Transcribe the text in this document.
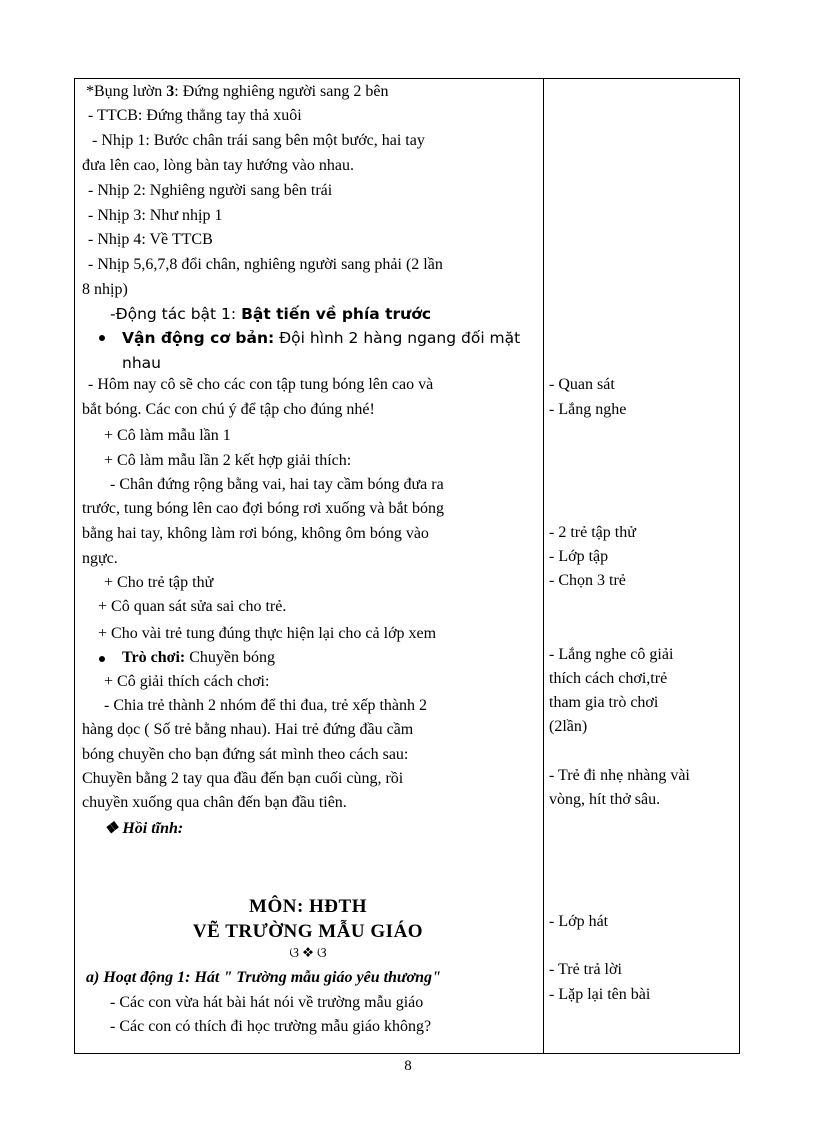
*Bụng lườn 3: Đứng nghiêng người sang 2 bên
- TTCB: Đứng thẳng tay thả xuôi
- Nhịp 1: Bước chân trái sang bên một bước, hai tay
đưa lên cao, lòng bàn tay hướng vào nhau.
- Nhịp 2: Nghiêng người sang bên trái
- Nhịp 3: Như nhịp 1
- Nhịp 4: Về TTCB
- Nhịp 5,6,7,8 đổi chân, nghiêng người sang phải (2 lần
8 nhịp)
-Động tác bật 1: Bật tiến về phía trước
Vận động cơ bản: Đội hình 2 hàng ngang đối mặt
nhau
- Hôm nay cô sẽ cho các con tập tung bóng lên cao và
bắt bóng. Các con chú ý để tập cho đúng nhé!
+ Cô làm mẫu lần 1
+ Cô làm mẫu lần 2 kết hợp giải thích:
- Chân đứng rộng bằng vai, hai tay cầm bóng đưa ra
trước, tung bóng lên cao đợi bóng rơi xuống và bắt bóng
bằng hai tay, không làm rơi bóng, không ôm bóng vào
ngực.
+ Cho trẻ tập thử
+ Cô quan sát sửa sai cho trẻ.
+ Cho vài trẻ tung đúng thực hiện lại cho cả lớp xem
Trò chơi: Chuyền bóng
+ Cô giải thích cách chơi:
- Chia trẻ thành 2 nhóm để thi đua, trẻ xếp thành 2
hàng dọc ( Số trẻ bằng nhau). Hai trẻ đứng đầu cầm
bóng chuyền cho bạn đứng sát mình theo cách sau:
Chuyền bằng 2 tay qua đầu đến bạn cuối cùng, rồi
chuyền xuống qua chân đến bạn đầu tiên.
❖ Hồi tĩnh:
MÔN: HĐTH
VẼ TRƯỜNG MẪU GIÁO
ଓ ❖ ଓ
a) Hoạt động 1: Hát " Trường mẫu giáo yêu thương"
- Các con vừa hát bài hát nói về trường mẫu giáo
- Các con có thích đi học trường mẫu giáo không?
- Quan sát
- Lắng nghe
- 2 trẻ tập thử
- Lớp tập
- Chọn 3 trẻ
- Lắng nghe cô giải
thích cách chơi,trẻ
tham gia trò chơi
(2lần)
- Trẻ đi nhẹ nhàng vài
vòng, hít thở sâu.
- Lớp hát
- Trẻ trả lời
- Lặp lại tên bài
8
